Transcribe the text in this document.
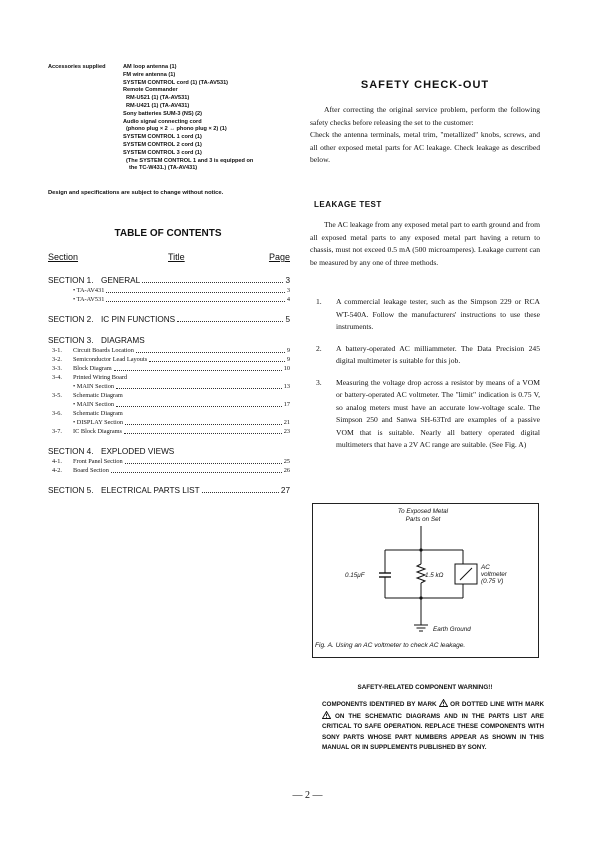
Accessories supplied	AM loop antenna (1)
FM wire antenna (1)
SYSTEM CONTROL cord (1) (TA-AV531)
Remote Commander
RM-U521 (1) (TA-AV531)
RM-U421 (1) (TA-AV431)
Sony batteries SUM-3 (NS) (2)
Audio signal connecting cord
(phono plug × 2 ↔ phono plug × 2) (1)
SYSTEM CONTROL 1 cord (1)
SYSTEM CONTROL 2 cord (1)
SYSTEM CONTROL 3 cord (1)
(The SYSTEM CONTROL 1 and 3 is equipped on
the TC-W431.) (TA-AV431)
Design and specifications are subject to change without notice.
TABLE OF CONTENTS
Section	Title	Page
SECTION 1. GENERAL	3
• TA-AV431	3
• TA-AV531	4
SECTION 2. IC PIN FUNCTIONS	5
SECTION 3. DIAGRAMS
3-1. Circuit Boards Location	9
3-2. Semiconductor Lead Layouts	9
3-3. Block Diagram	10
3-4. Printed Wiring Board
• MAIN Section	13
3-5. Schematic Diagram
• MAIN Section	17
3-6. Schematic Diagram
• DISPLAY Section	21
3-7. IC Block Diagrams	23
SECTION 4. EXPLODED VIEWS
4-1. Front Panel Section	25
4-2. Board Section	26
SECTION 5. ELECTRICAL PARTS LIST	27
SAFETY CHECK-OUT

After correcting the original service problem, perform the following safety checks before releasing the set to the customer:
Check the antenna terminals, metal trim, "metallized" knobs, screws, and all other exposed metal parts for AC leakage. Check leakage as described below.

LEAKAGE TEST

The AC leakage from any exposed metal part to earth ground and from all exposed metal parts to any exposed metal part having a return to chassis, must not exceed 0.5 mA (500 microamperes). Leakage current can be measured by any one of three methods.

1. A commercial leakage tester, such as the Simpson 229 or RCA WT-540A. Follow the manufacturers' instructions to use these instruments.
2. A battery-operated AC milliammeter. The Data Precision 245 digital multimeter is suitable for this job.
3. Measuring the voltage drop across a resistor by means of a VOM or battery-operated AC voltmeter. The "limit" indication is 0.75 V, so analog meters must have an accurate low-voltage scale. The Simpson 250 and Sanwa SH-63Trd are examples of a passive VOM that is suitable. Nearly all battery operated digital multimeters that have a 2V AC range are suitable. (See Fig. A)
To Exposed Metal
Parts on Set
0.15μF	1.5 kΩ
AC
voltmeter
(0.75 V)
Earth Ground
Fig. A. Using an AC voltmeter to check AC leakage.
SAFETY-RELATED COMPONENT WARNING!!
COMPONENTS IDENTIFIED BY MARK OR DOTTED LINE WITH MARK  ON THE SCHEMATIC DIAGRAMS AND IN THE PARTS LIST ARE CRITICAL TO SAFE OPERATION. REPLACE THESE COMPONENTS WITH SONY PARTS WHOSE PART NUMBERS APPEAR AS SHOWN IN THIS MANUAL OR IN SUPPLEMENTS PUBLISHED BY SONY.
— 2 —
